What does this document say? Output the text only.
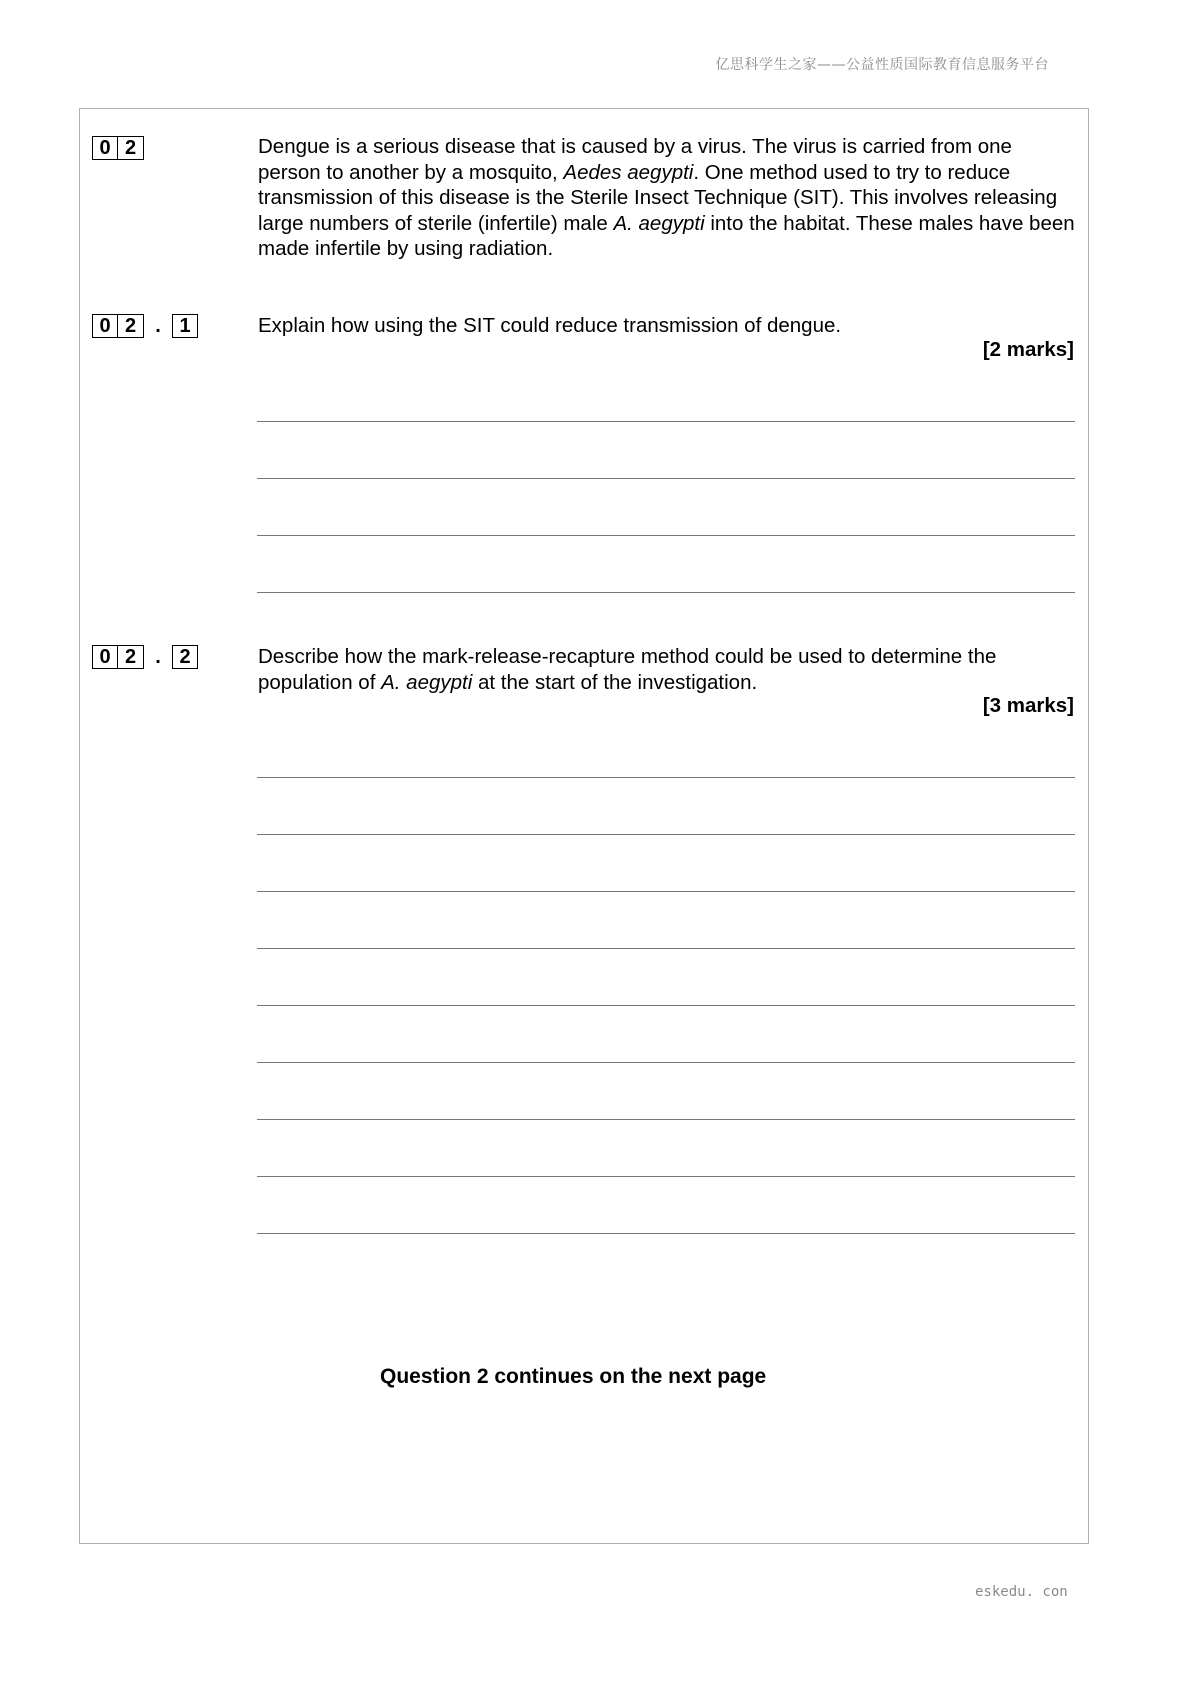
亿思科学生之家——公益性质国际教育信息服务平台
0 2	Dengue is a serious disease that is caused by a virus. The virus is carried from one person to another by a mosquito, Aedes aegypti. One method used to try to reduce transmission of this disease is the Sterile Insect Technique (SIT). This involves releasing large numbers of sterile (infertile) male A. aegypti into the habitat. These males have been made infertile by using radiation.
0 2 . 1	Explain how using the SIT could reduce transmission of dengue.
[2 marks]
0 2 . 2	Describe how the mark-release-recapture method could be used to determine the population of A. aegypti at the start of the investigation.
[3 marks]
Question 2 continues on the next page
eskedu. con
